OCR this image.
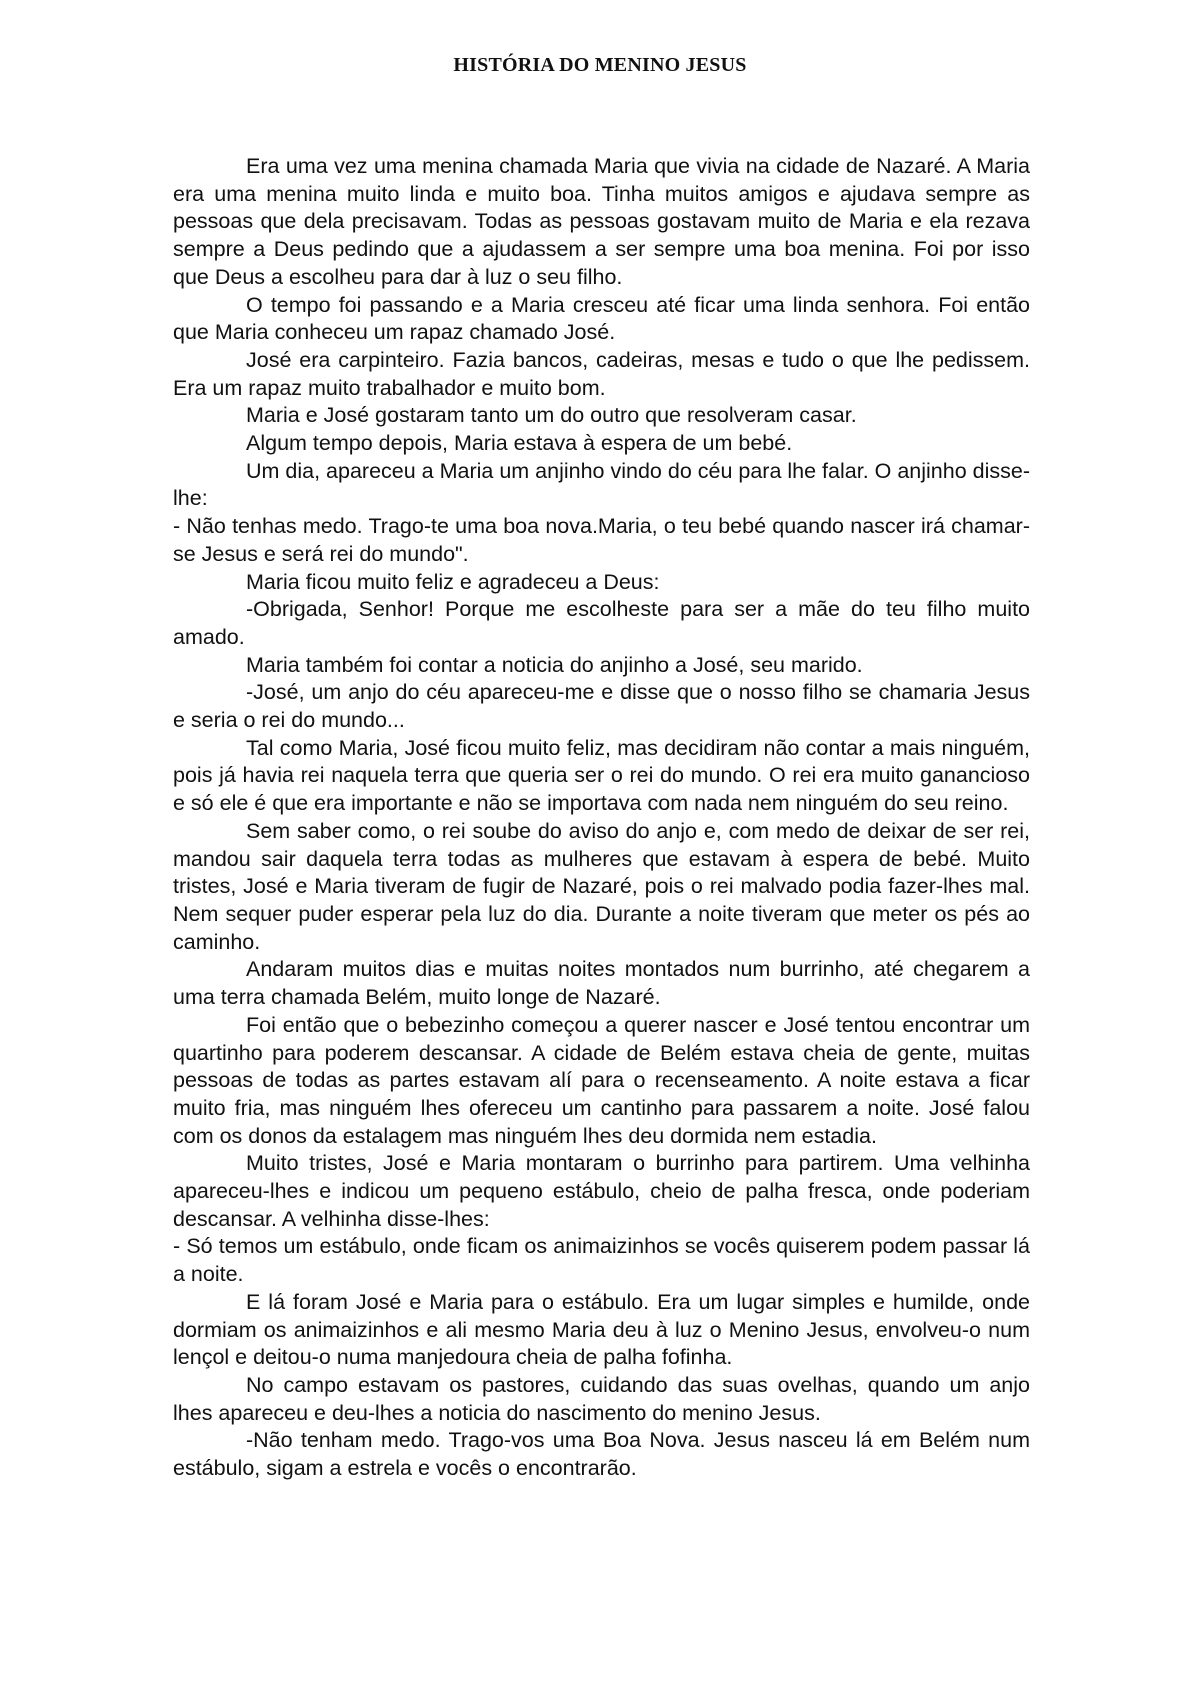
HISTÓRIA DO MENINO JESUS

Era uma vez uma menina chamada Maria que vivia na cidade de Nazaré. A Maria era uma menina muito linda e muito boa. Tinha muitos amigos e ajudava sempre as pessoas que dela precisavam. Todas as pessoas gostavam muito de Maria e ela rezava sempre a Deus pedindo que a ajudassem a ser sempre uma boa menina. Foi por isso que Deus a escolheu para dar à luz o seu filho.

O tempo foi passando e a Maria cresceu até ficar uma linda senhora. Foi então que Maria conheceu um rapaz chamado José.

José era carpinteiro. Fazia bancos, cadeiras, mesas e tudo o que lhe pedissem. Era um rapaz muito trabalhador e muito bom.

Maria e José gostaram tanto um do outro que resolveram casar.

Algum tempo depois, Maria estava à espera de um bebé.

Um dia, apareceu a Maria um anjinho vindo do céu para lhe falar. O anjinho disse-lhe:

- Não tenhas medo. Trago-te uma boa nova.Maria, o teu bebé quando nascer irá chamar-se Jesus e será rei do mundo".

Maria ficou muito feliz e agradeceu a Deus:

-Obrigada, Senhor! Porque me escolheste para ser a mãe do teu filho muito amado.

Maria também foi contar a noticia do anjinho a José, seu marido.

-José, um anjo do céu apareceu-me e disse que o nosso filho se chamaria Jesus e seria o rei do mundo...

Tal como Maria, José ficou muito feliz, mas decidiram não contar a mais ninguém, pois já havia rei naquela terra que queria ser o rei do mundo. O rei era muito ganancioso e só ele é que era importante e não se importava com nada nem ninguém do seu reino.

Sem saber como, o rei soube do aviso do anjo e, com medo de deixar de ser rei, mandou sair daquela terra todas as mulheres que estavam à espera de bebé. Muito tristes, José e Maria tiveram de fugir de Nazaré, pois o rei malvado podia fazer-lhes mal. Nem sequer puder esperar pela luz do dia. Durante a noite tiveram que meter os pés ao caminho.

Andaram muitos dias e muitas noites montados num burrinho, até chegarem a uma terra chamada Belém, muito longe de Nazaré.

Foi então que o bebezinho começou a querer nascer e José tentou encontrar um quartinho para poderem descansar. A cidade de Belém estava cheia de gente, muitas pessoas de todas as partes estavam alí para o recenseamento. A noite estava a ficar muito fria, mas ninguém lhes ofereceu um cantinho para passarem a noite. José falou com os donos da estalagem mas ninguém lhes deu dormida nem estadia.

Muito tristes, José e Maria montaram o burrinho para partirem. Uma velhinha apareceu-lhes e indicou um pequeno estábulo, cheio de palha fresca, onde poderiam descansar. A velhinha disse-lhes:

- Só temos um estábulo, onde ficam os animaizinhos se vocês quiserem podem passar lá a noite.

E lá foram José e Maria para o estábulo. Era um lugar simples e humilde, onde dormiam os animaizinhos e ali mesmo Maria deu à luz o Menino Jesus, envolveu-o num lençol e deitou-o numa manjedoura cheia de palha fofinha.

No campo estavam os pastores, cuidando das suas ovelhas, quando um anjo lhes apareceu e deu-lhes a noticia do nascimento do menino Jesus.

-Não tenham medo. Trago-vos uma Boa Nova. Jesus nasceu lá em Belém num estábulo, sigam a estrela e vocês o encontrarão.
